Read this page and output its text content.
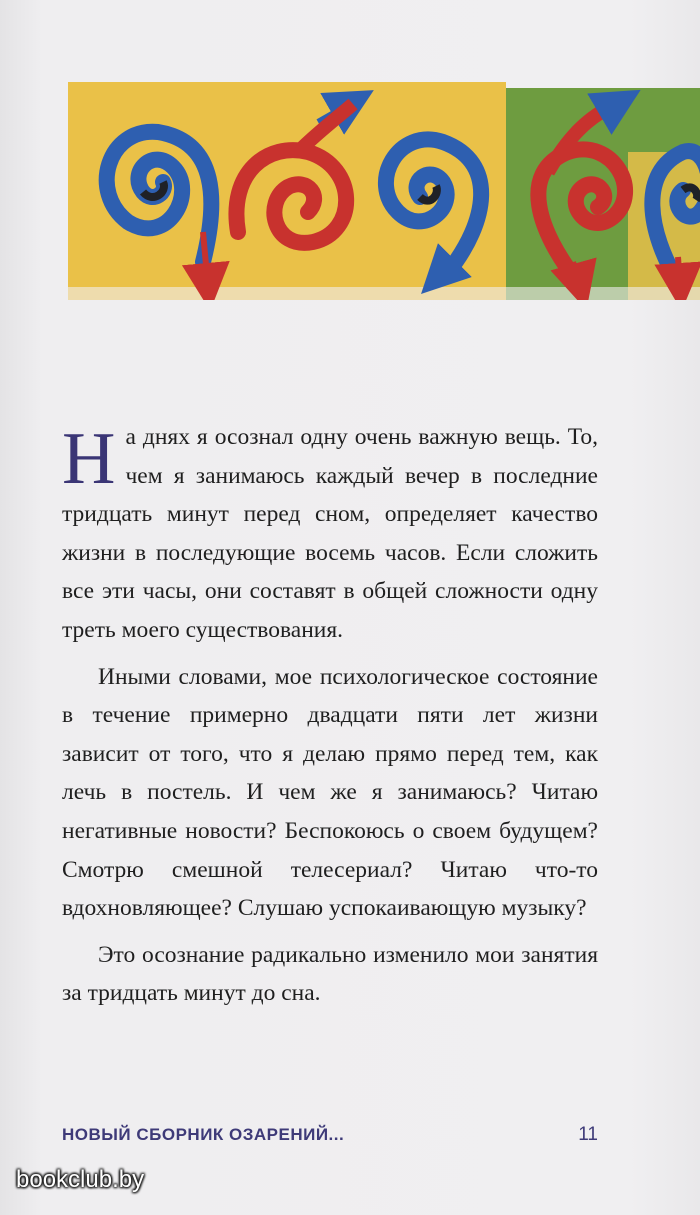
На днях я осознал одну очень важную вещь. То, чем я занимаюсь каждый вечер в последние тридцать минут перед сном, определяет качество жизни в последующие восемь часов. Если сложить все эти часы, они составят в общей сложности одну треть моего существования.

Иными словами, мое психологическое состояние в течение примерно двадцати пяти лет жизни зависит от того, что я делаю прямо перед тем, как лечь в постель. И чем же я занимаюсь? Читаю негативные новости? Беспокоюсь о своем будущем? Смотрю смешной телесериал? Читаю что-то вдохновляющее? Слушаю успокаивающую музыку?

Это осознание радикально изменило мои занятия за тридцать минут до сна.

НОВЫЙ СБОРНИК ОЗАРЕНИЙ...	11
bookclub.by
